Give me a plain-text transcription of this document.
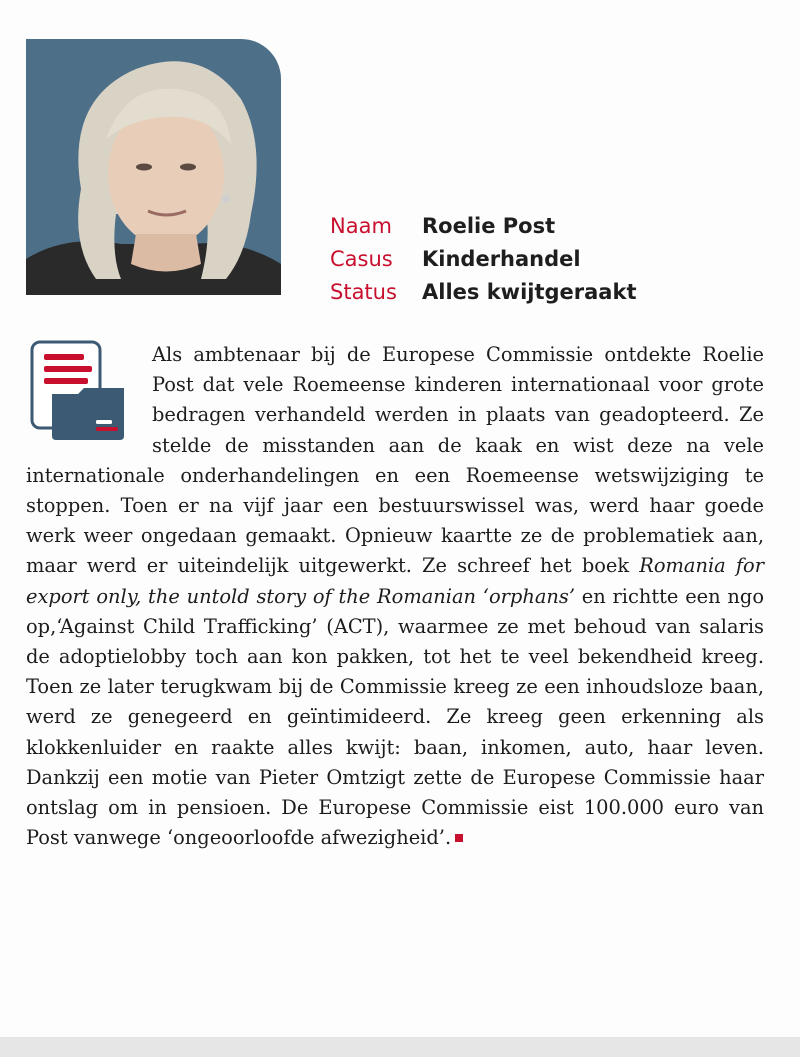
Naam	Roelie Post
Casus	Kinderhandel
Status	Alles kwijtgeraakt
Als ambtenaar bij de Europese Commissie ontdekte Roelie Post dat vele Roemeense kinderen internationaal voor grote bedragen verhandeld werden in plaats van geadopteerd. Ze stelde de misstanden aan de kaak en wist deze na vele internationale onderhandelingen en een Roemeense wetswijziging te stoppen. Toen er na vijf jaar een bestuurswissel was, werd haar goede werk weer ongedaan gemaakt. Opnieuw kaartte ze de problematiek aan, maar werd er uiteindelijk uitgewerkt. Ze schreef het boek Romania for export only, the untold story of the Romanian ‘orphans’ en richtte een ngo op,‘Against Child Trafficking’ (ACT), waarmee ze met behoud van salaris de adoptielobby toch aan kon pakken, tot het te veel bekendheid kreeg. Toen ze later terugkwam bij de Commissie kreeg ze een inhoudsloze baan, werd ze genegeerd en geïntimideerd. Ze kreeg geen erkenning als klokkenluider en raakte alles kwijt: baan, inkomen, auto, haar leven. Dankzij een motie van Pieter Omtzigt zette de Europese Commissie haar ontslag om in pensioen. De Europese Commissie eist 100.000 euro van Post vanwege ‘ongeoorloofde afwezigheid’.
